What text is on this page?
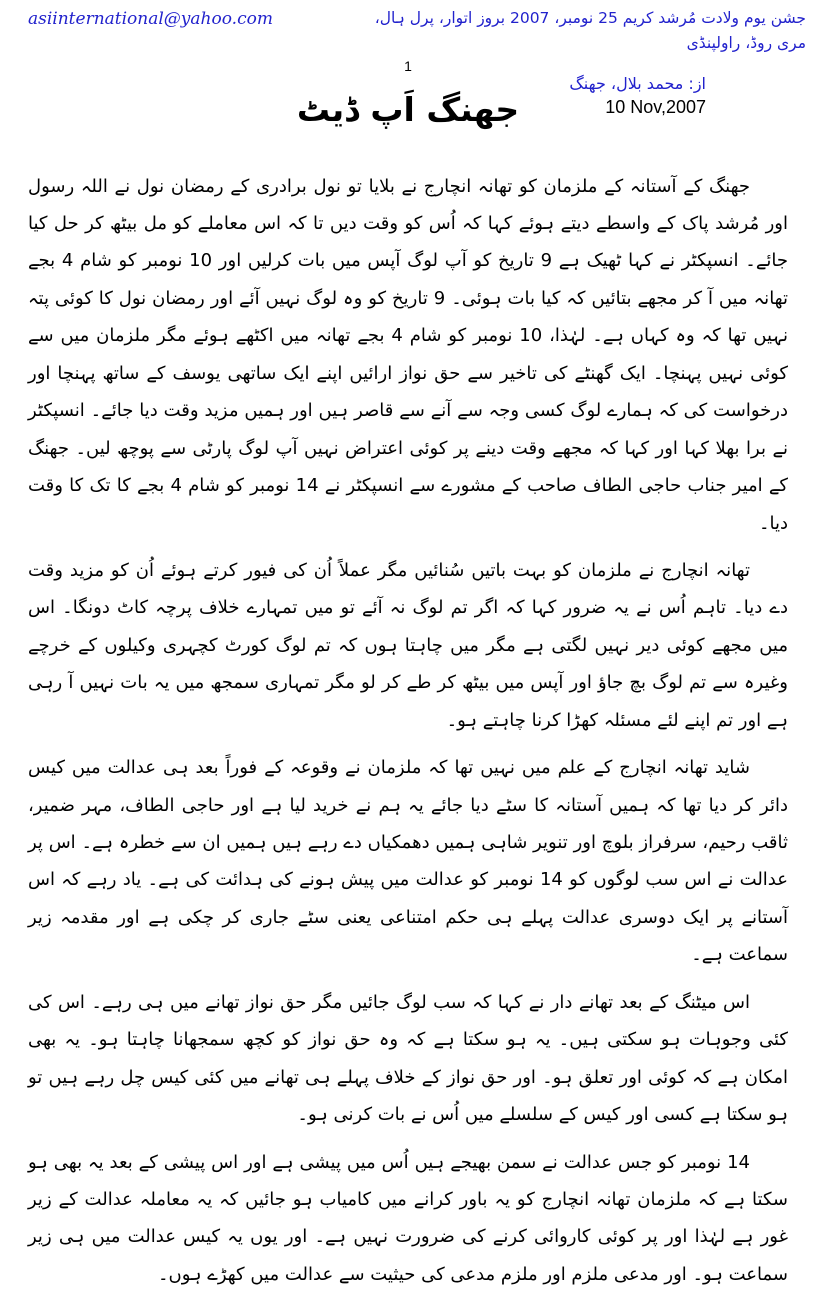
asiinternational@yahoo.com	جشن یوم ولادت مُرشد کریم 25 نومبر، 2007 بروز اتوار، پرل ہال، مری روڈ، راولپنڈی
1
جھنگ اَپ ڈیٹ
از: محمد بلال، جھنگ
10 Nov,2007

جھنگ کے آستانہ کے ملزمان کو تھانہ انچارج نے بلایا تو نول برادری کے رمضان نول نے اللہ رسول اور مُرشد پاک کے واسطے دیتے ہوئے کہا کہ اُس کو وقت دیں تا کہ اس معاملے کو مل بیٹھ کر حل کیا جائے۔ انسپکٹر نے کہا ٹھیک ہے 9 تاریخ کو آپ لوگ آپس میں بات کرلیں اور 10 نومبر کو شام 4 بجے تھانہ میں آ کر مجھے بتائیں کہ کیا بات ہوئی۔ 9 تاریخ کو وہ لوگ نہیں آئے اور رمضان نول کا کوئی پتہ نہیں تھا کہ وہ کہاں ہے۔ لہٰذا، 10 نومبر کو شام 4 بجے تھانہ میں اکٹھے ہوئے مگر ملزمان میں سے کوئی نہیں پہنچا۔ ایک گھنٹے کی تاخیر سے حق نواز ارائیں اپنے ایک ساتھی یوسف کے ساتھ پہنچا اور درخواست کی کہ ہمارے لوگ کسی وجہ سے آنے سے قاصر ہیں اور ہمیں مزید وقت دیا جائے۔ انسپکٹر نے برا بھلا کہا اور کہا کہ مجھے وقت دینے پر کوئی اعتراض نہیں آپ لوگ پارٹی سے پوچھ لیں۔ جھنگ کے امیر جناب حاجی الطاف صاحب کے مشورے سے انسپکٹر نے 14 نومبر کو شام 4 بجے کا تک کا وقت دیا۔

تھانہ انچارج نے ملزمان کو بہت باتیں سُنائیں مگر عملاً اُن کی فیور کرتے ہوئے اُن کو مزید وقت دے دیا۔ تاہم اُس نے یہ ضرور کہا کہ اگر تم لوگ نہ آئے تو میں تمہارے خلاف پرچہ کاٹ دونگا۔ اس میں مجھے کوئی دیر نہیں لگتی ہے مگر میں چاہتا ہوں کہ تم لوگ کورٹ کچہری وکیلوں کے خرچے وغیرہ سے تم لوگ بچ جاؤ اور آپس میں بیٹھ کر طے کر لو مگر تمہاری سمجھ میں یہ بات نہیں آ رہی ہے اور تم اپنے لئے مسئلہ کھڑا کرنا چاہتے ہو۔

شاید تھانہ انچارج کے علم میں نہیں تھا کہ ملزمان نے وقوعہ کے فوراً بعد ہی عدالت میں کیس دائر کر دیا تھا کہ ہمیں آستانہ کا سٹے دیا جائے یہ ہم نے خرید لیا ہے اور حاجی الطاف، مہر ضمیر، ثاقب رحیم، سرفراز بلوچ اور تنویر شاہی ہمیں دھمکیاں دے رہے ہیں ہمیں ان سے خطرہ ہے۔ اس پر عدالت نے اس سب لوگوں کو 14 نومبر کو عدالت میں پیش ہونے کی ہدائت کی ہے۔ یاد رہے کہ اس آستانے پر ایک دوسری عدالت پہلے ہی حکم امتناعی یعنی سٹے جاری کر چکی ہے اور مقدمہ زیر سماعت ہے۔

اس میٹنگ کے بعد تھانے دار نے کہا کہ سب لوگ جائیں مگر حق نواز تھانے میں ہی رہے۔ اس کی کئی وجوہات ہو سکتی ہیں۔ یہ ہو سکتا ہے کہ وہ حق نواز کو کچھ سمجھانا چاہتا ہو۔ یہ بھی امکان ہے کہ کوئی اور تعلق ہو۔ اور حق نواز کے خلاف پہلے ہی تھانے میں کئی کیس چل رہے ہیں تو ہو سکتا ہے کسی اور کیس کے سلسلے میں اُس نے بات کرنی ہو۔

14 نومبر کو جس عدالت نے سمن بھیجے ہیں اُس میں پیشی ہے اور اس پیشی کے بعد یہ بھی ہو سکتا ہے کہ ملزمان تھانہ انچارج کو یہ باور کرانے میں کامیاب ہو جائیں کہ یہ معاملہ عدالت کے زیر غور ہے لہٰذا اور پر کوئی کاروائی کرنے کی ضرورت نہیں ہے۔ اور یوں یہ کیس عدالت میں ہی زیر سماعت ہو۔ اور مدعی ملزم اور ملزم مدعی کی حیثیت سے عدالت میں کھڑے ہوں۔
